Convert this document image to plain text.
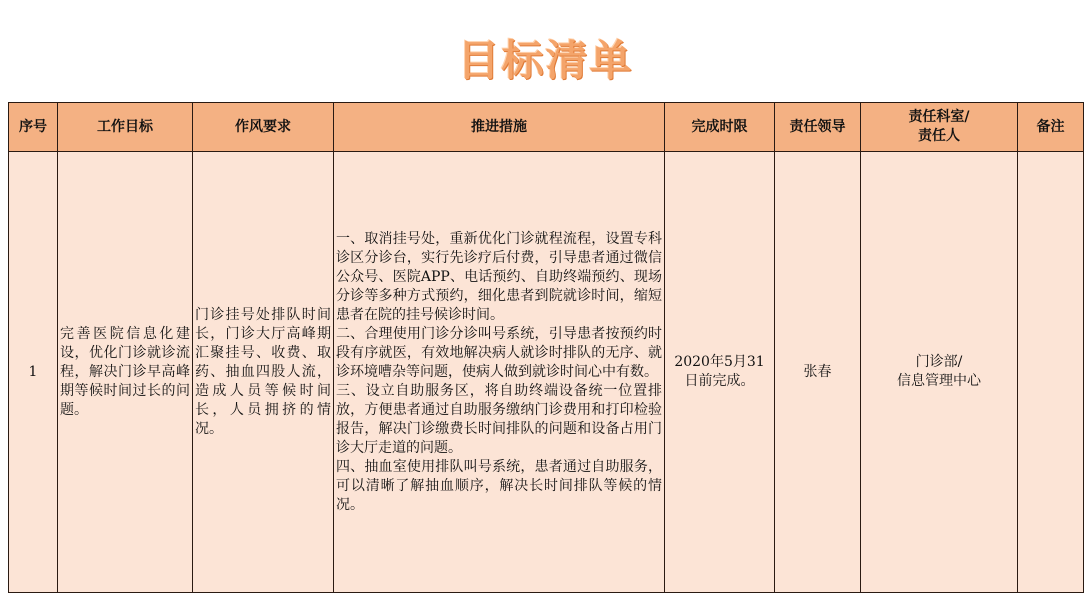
目标清单
序号	工作目标	作风要求	推进措施	完成时限	责任领导	责任科室/
责任人	备注
1	完善医院信息化建设，优化门诊就诊流程，解决门诊早高峰期等候时间过长的问题。	门诊挂号处排队时间长，门诊大厅高峰期汇聚挂号、收费、取药、抽血四股人流，造成人员等候时间长，人员拥挤的情况。	一、取消挂号处，重新优化门诊就程流程，设置专科诊区分诊台，实行先诊疗后付费，引导患者通过微信公众号、医院APP、电话预约、自助终端预约、现场分诊等多种方式预约，细化患者到院就诊时间，缩短患者在院的挂号候诊时间。
二、合理使用门诊分诊叫号系统，引导患者按预约时段有序就医，有效地解决病人就诊时排队的无序、就诊环境嘈杂等问题，使病人做到就诊时间心中有数。
三、设立自助服务区，将自助终端设备统一位置排放，方便患者通过自助服务缴纳门诊费用和打印检验报告，解决门诊缴费长时间排队的问题和设备占用门诊大厅走道的问题。
四、抽血室使用排队叫号系统，患者通过自助服务，可以清晰了解抽血顺序，解决长时间排队等候的情况。	2020年5月31
日前完成。	张春	门诊部/
信息管理中心	
